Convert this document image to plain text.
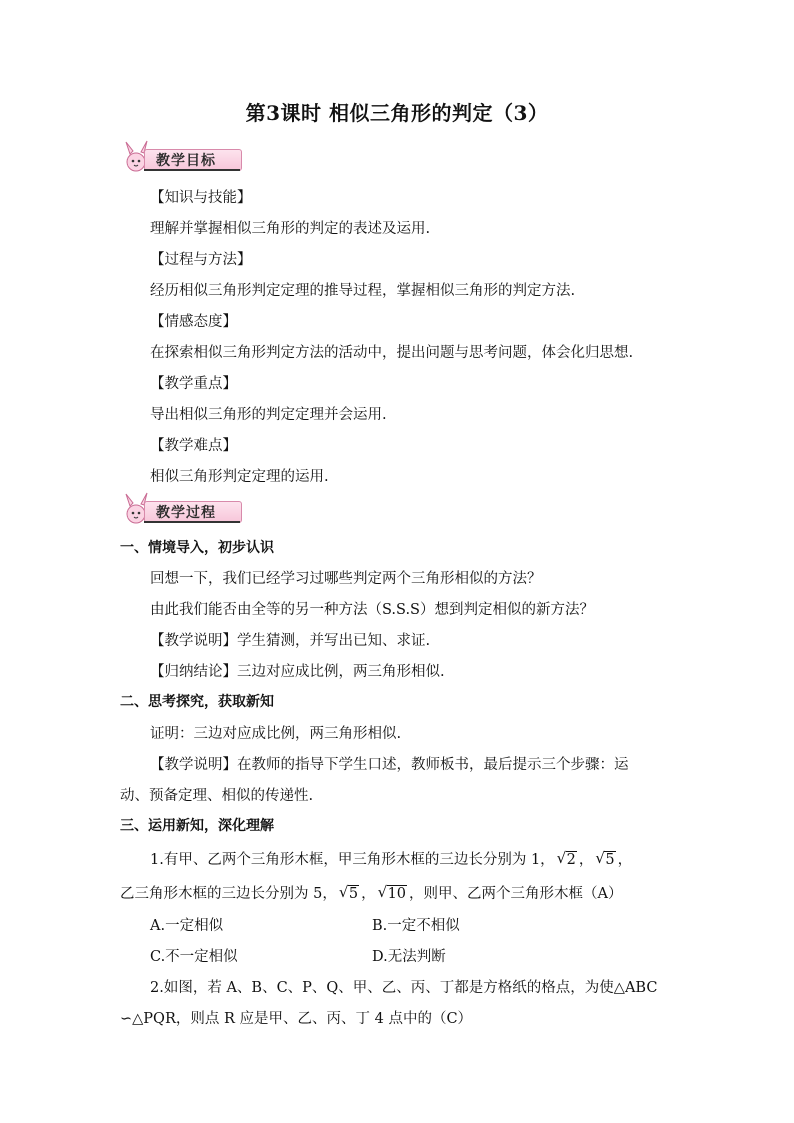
第3课时 相似三角形的判定（3）
教学目标
【知识与技能】
理解并掌握相似三角形的判定的表述及运用.
【过程与方法】
经历相似三角形判定定理的推导过程，掌握相似三角形的判定方法.
【情感态度】
在探索相似三角形判定方法的活动中，提出问题与思考问题，体会化归思想.
【教学重点】
导出相似三角形的判定定理并会运用.
【教学难点】
相似三角形判定定理的运用.
教学过程
一、情境导入，初步认识
回想一下，我们已经学习过哪些判定两个三角形相似的方法？
由此我们能否由全等的另一种方法（S.S.S）想到判定相似的新方法？
【教学说明】学生猜测，并写出已知、求证.
【归纳结论】三边对应成比例，两三角形相似.
二、思考探究，获取新知
证明：三边对应成比例，两三角形相似.
【教学说明】在教师的指导下学生口述，教师板书，最后提示三个步骤：运
动、预备定理、相似的传递性.
三、运用新知，深化理解
1.有甲、乙两个三角形木框，甲三角形木框的三边长分别为 1， √ 2 ， √ 5 ，
乙三角形木框的三边长分别为 5， √ 5 ， √ 10 ，则甲、乙两个三角形木框（A）
A.一定相似	B.一定不相似
C.不一定相似	D.无法判断
2.如图，若 A、B、C、P、Q、甲、乙、丙、丁都是方格纸的格点，为使△ABC
∽△PQR，则点 R 应是甲、乙、丙、丁 4 点中的（C）
